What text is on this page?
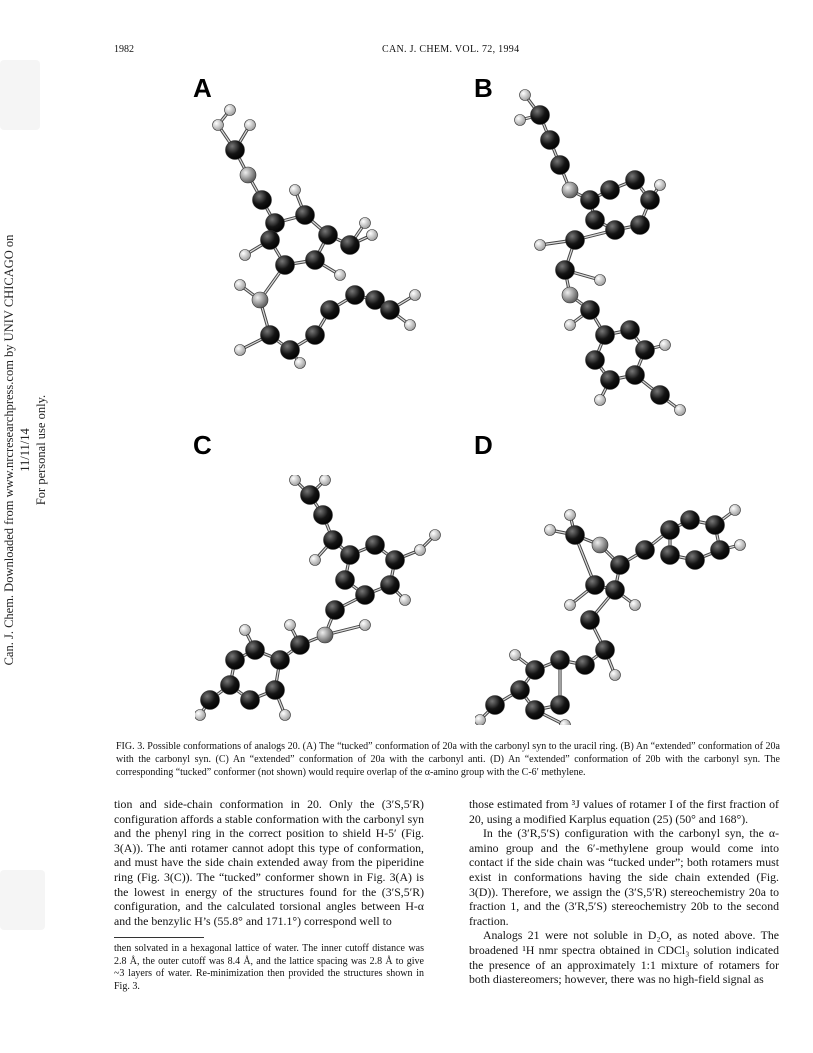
1982	CAN. J. CHEM. VOL. 72, 1994
Can. J. Chem. Downloaded from www.nrcresearchpress.com by UNIV CHICAGO on 11/11/14 For personal use only.
A	B
C	D
FIG. 3. Possible conformations of analogs 20. (A) The “tucked” conformation of 20a with the carbonyl syn to the uracil ring. (B) An “extended” conformation of 20a with the carbonyl syn. (C) An “extended” conformation of 20a with the carbonyl anti. (D) An “extended” conformation of 20b with the carbonyl syn. The corresponding “tucked” conformer (not shown) would require overlap of the α-amino group with the C-6′ methylene.

tion and side-chain conformation in 20. Only the (3′S,5′R) configuration affords a stable conformation with the carbonyl syn and the phenyl ring in the correct position to shield H-5′ (Fig. 3(A)). The anti rotamer cannot adopt this type of conformation, and must have the side chain extended away from the piperidine ring (Fig. 3(C)). The “tucked” conformer shown in Fig. 3(A) is the lowest in energy of the structures found for the (3′S,5′R) configuration, and the calculated torsional angles between H-α and the benzylic H’s (55.8° and 171.1°) correspond well to

then solvated in a hexagonal lattice of water. The inner cutoff distance was 2.8 Å, the outer cutoff was 8.4 Å, and the lattice spacing was 2.8 Å to give ~3 layers of water. Re-minimization then provided the structures shown in Fig. 3.

those estimated from ³J values of rotamer I of the first fraction of 20, using a modified Karplus equation (25) (50° and 168°).

In the (3′R,5′S) configuration with the carbonyl syn, the α-amino group and the 6′-methylene group would come into contact if the side chain was “tucked under”; both rotamers must exist in conformations having the side chain extended (Fig. 3(D)). Therefore, we assign the (3′S,5′R) stereochemistry 20a to fraction 1, and the (3′R,5′S) stereochemistry 20b to the second fraction.

Analogs 21 were not soluble in D₂O, as noted above. The broadened ¹H nmr spectra obtained in CDCl₃ solution indicated the presence of an approximately 1:1 mixture of rotamers for both diastereomers; however, there was no high-field signal as
